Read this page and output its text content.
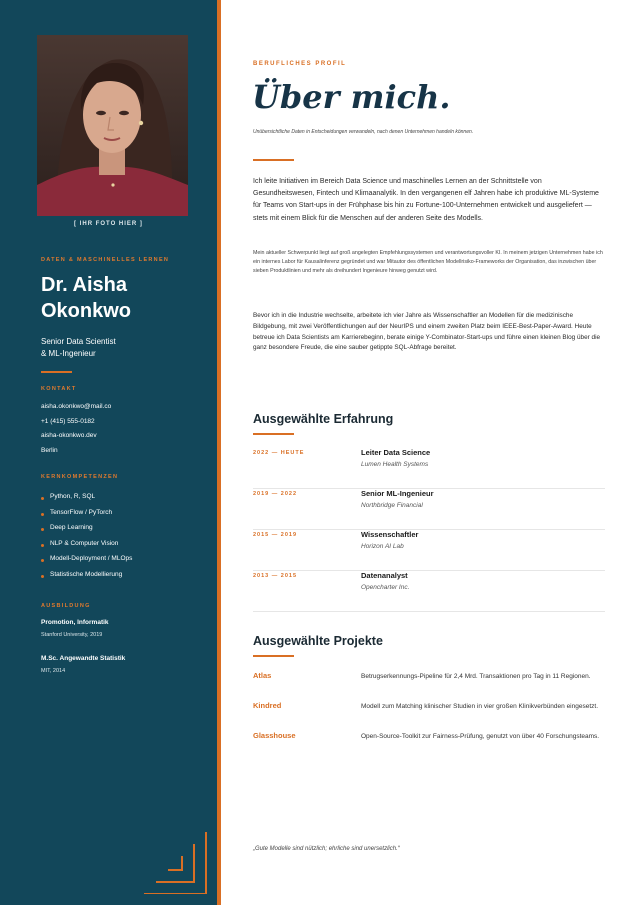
[ IHR FOTO HIER ]
DATEN & MASCHINELLES LERNEN
Dr. Aisha Okonkwo
Senior Data Scientist
& ML-Ingenieur
KONTAKT
aisha.okonkwo@mail.co
+1 (415) 555-0182
aisha-okonkwo.dev
Berlin
KERNKOMPETENZEN
Python, R, SQL
TensorFlow / PyTorch
Deep Learning
NLP & Computer Vision
Modell-Deployment / MLOps
Statistische Modellierung
AUSBILDUNG
Promotion, Informatik
Stanford University, 2019
M.Sc. Angewandte Statistik
MIT, 2014
BERUFLICHES PROFIL
Über mich.
Unübersichtliche Daten in Entscheidungen verwandeln, nach denen Unternehmen handeln können.

Ich leite Initiativen im Bereich Data Science und maschinelles Lernen an der Schnittstelle von Gesundheitswesen, Fintech und Klimaanalytik. In den vergangenen elf Jahren habe ich produktive ML-Systeme für Teams von Start-ups in der Frühphase bis hin zu Fortune-100-Unternehmen entwickelt und ausgeliefert — stets mit einem Blick für die Menschen auf der anderen Seite des Modells.

Mein aktueller Schwerpunkt liegt auf groß angelegten Empfehlungssystemen und verantwortungsvoller KI. In meinem jetzigen Unternehmen habe ich ein internes Labor für Kausalinferenz gegründet und war Mitautor des öffentlichen Modellrisiko-Frameworks der Organisation, das inzwischen über sieben Produktlinien und mehr als dreihundert Ingenieure hinweg genutzt wird.

Bevor ich in die Industrie wechselte, arbeitete ich vier Jahre als Wissenschaftler an Modellen für die medizinische Bildgebung, mit zwei Veröffentlichungen auf der NeurIPS und einem zweiten Platz beim IEEE-Best-Paper-Award. Heute betreue ich Data Scientists am Karrierebeginn, berate einige Y-Combinator-Start-ups und führe einen kleinen Blog über die ganz besondere Freude, die eine sauber getippte SQL-Abfrage bereitet.

Ausgewählte Erfahrung
2022 — HEUTE	Leiter Data Science
Lumen Health Systems
2019 — 2022	Senior ML-Ingenieur
Northbridge Financial
2015 — 2019	Wissenschaftler
Horizon AI Lab
2013 — 2015	Datenanalyst
Opencharter Inc.
Ausgewählte Projekte
Atlas	Betrugserkennungs-Pipeline für 2,4 Mrd. Transaktionen pro Tag in 11 Regionen.
Kindred	Modell zum Matching klinischer Studien in vier großen Klinikverbünden eingesetzt.
Glasshouse	Open-Source-Toolkit zur Fairness-Prüfung, genutzt von über 40 Forschungsteams.
„Gute Modelle sind nützlich; ehrliche sind unersetzlich.“
